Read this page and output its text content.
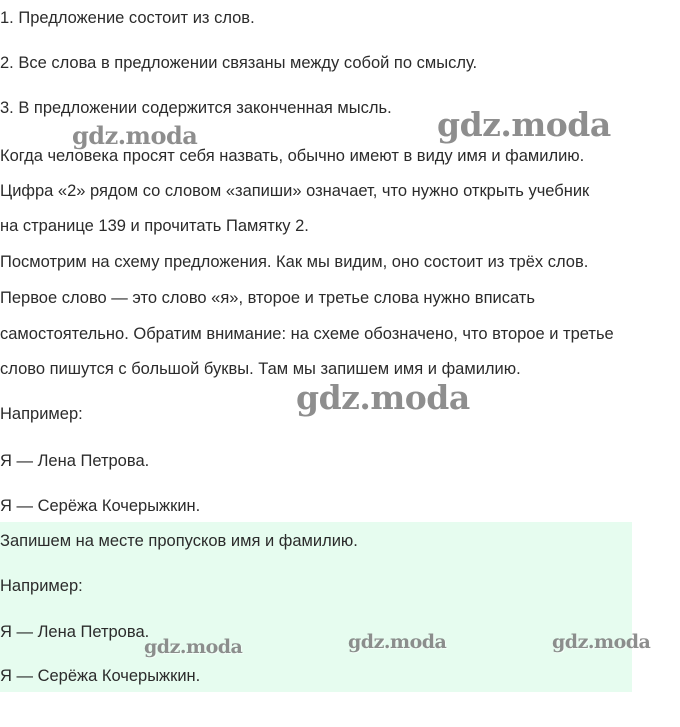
1. Предложение состоит из слов.

2. Все слова в предложении связаны между собой по смыслу.

3. В предложении содержится законченная мысль.

Когда человека просят себя назвать, обычно имеют в виду имя и фамилию.

Цифра «2» рядом со словом «запиши» означает, что нужно открыть учебник

на странице 139 и прочитать Памятку 2.

Посмотрим на схему предложения. Как мы видим, оно состоит из трёх слов.

Первое слово — это слово «я», второе и третье слова нужно вписать

самостоятельно. Обратим внимание: на схеме обозначено, что второе и третье

слово пишутся с большой буквы. Там мы запишем имя и фамилию.

Например:

Я — Лена Петрова.

Я — Серёжа Кочерыжкин.

Запишем на месте пропусков имя и фамилию.

Например:

Я — Лена Петрова.

Я — Серёжа Кочерыжкин.

gdz.moda
gdz.moda
gdz.moda
gdz.moda	gdz.moda	gdz.moda
